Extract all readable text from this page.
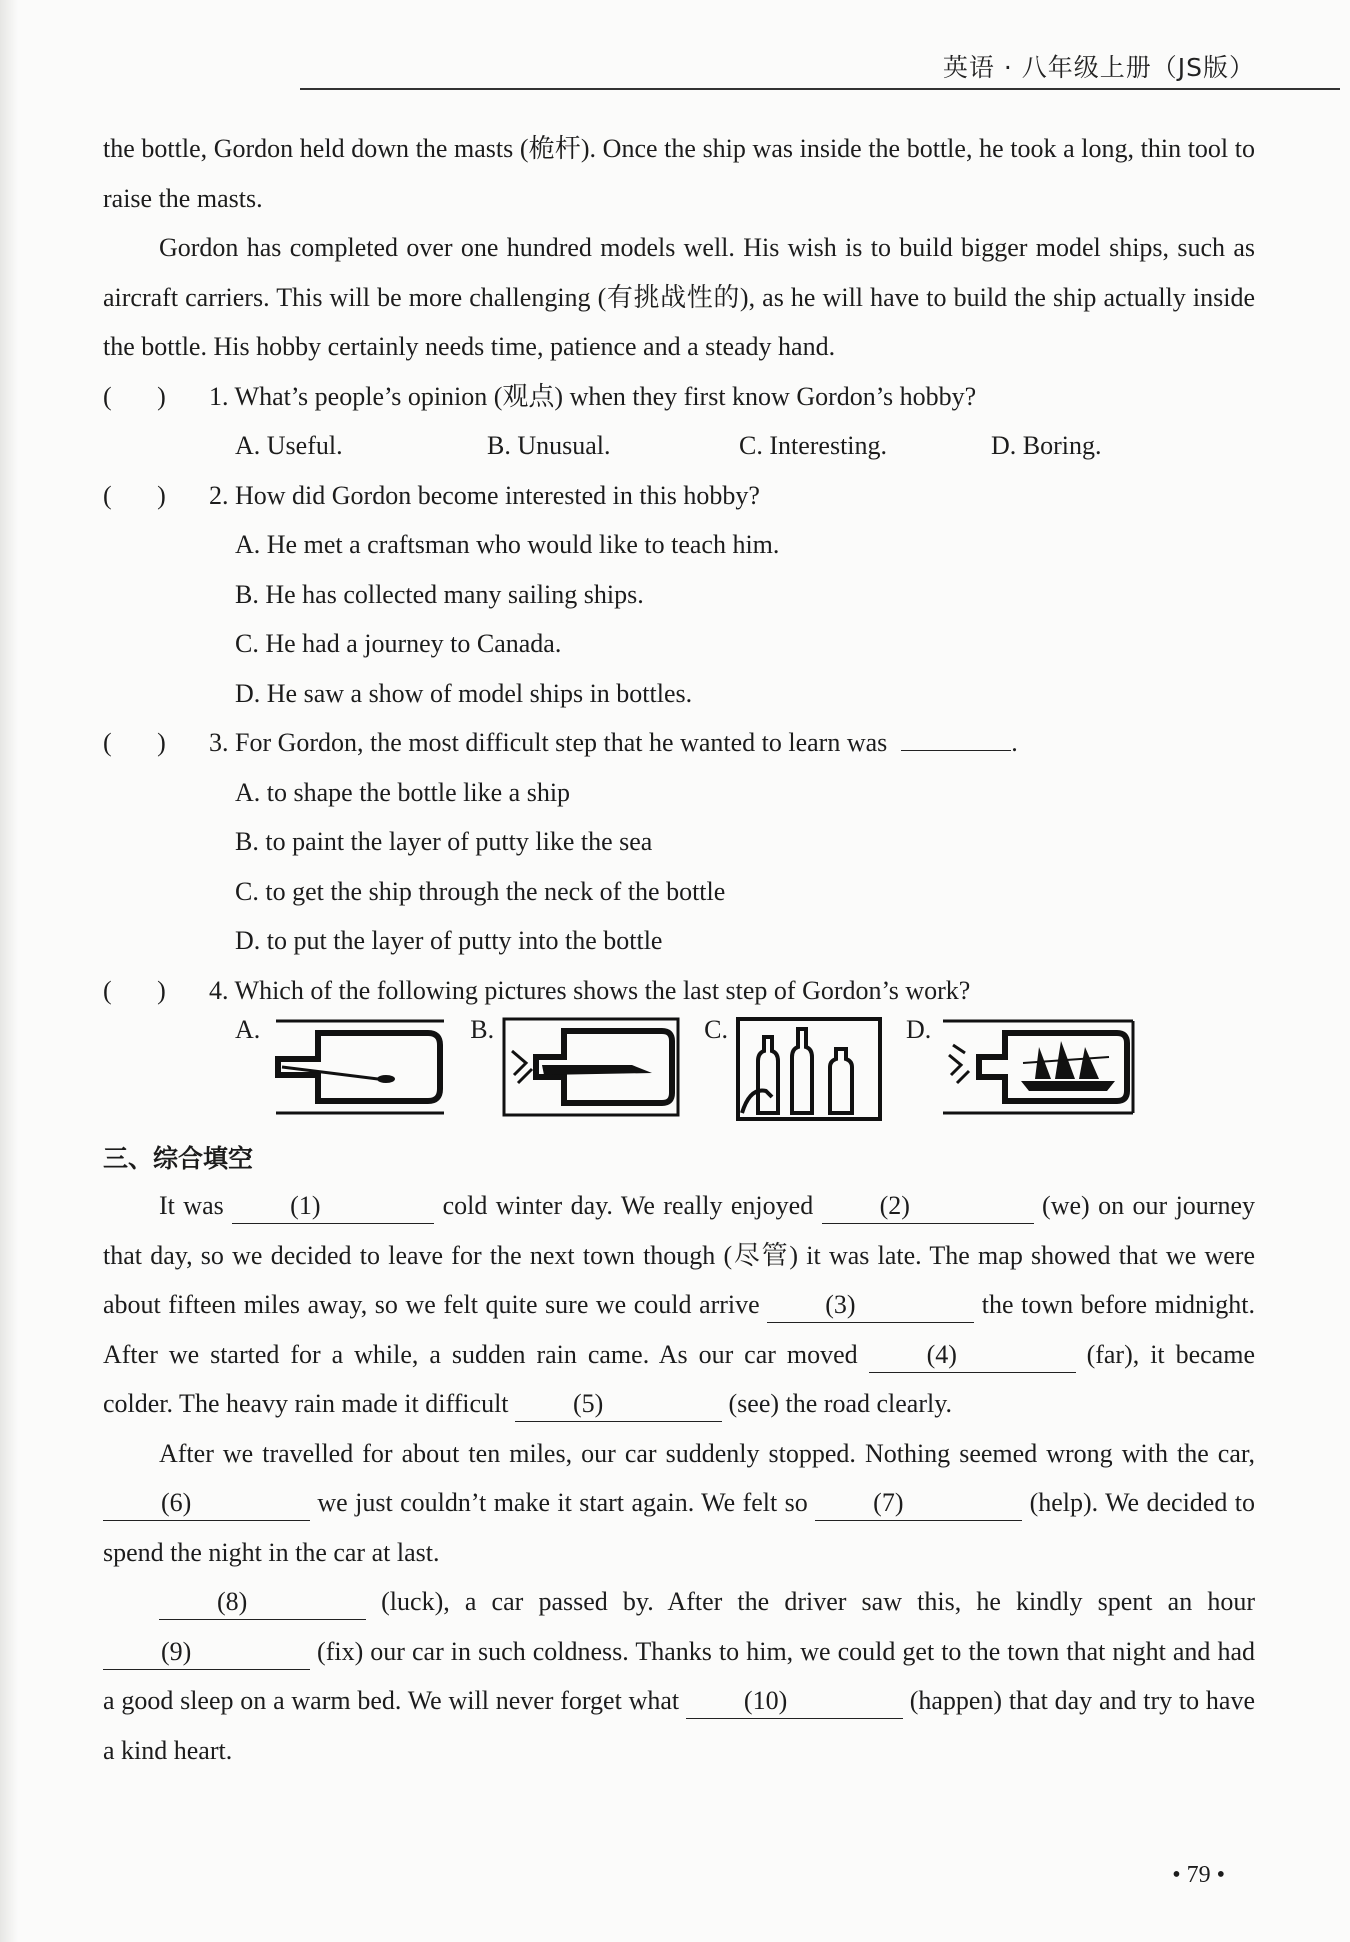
英语 · 八年级上册（JS版）

the bottle, Gordon held down the masts (桅杆). Once the ship was inside the bottle, he took a long, thin tool to raise the masts.

Gordon has completed over one hundred models well. His wish is to build bigger model ships, such as aircraft carriers. This will be more challenging (有挑战性的), as he will have to build the ship actually inside the bottle. His hobby certainly needs time, patience and a steady hand.

(       )	1. What’s people’s opinion (观点) when they first know Gordon’s hobby?
A. Useful.	B. Unusual.	C. Interesting.	D. Boring.
(       )	2. How did Gordon become interested in this hobby?

A. He met a craftsman who would like to teach him.

B. He has collected many sailing ships.

C. He had a journey to Canada.

D. He saw a show of model ships in bottles.

(       )	3. For Gordon, the most difficult step that he wanted to learn was	.

A. to shape the bottle like a ship

B. to paint the layer of putty like the sea

C. to get the ship through the neck of the bottle

D. to put the layer of putty into the bottle

(       )	4. Which of the following pictures shows the last step of Gordon’s work?
A.	B.	C.	D.
三、综合填空

It was (1)	cold winter day. We really enjoyed (2)	(we) on our journey that day, so we decided to leave for the next town though (尽管) it was late. The map showed that we were about fifteen miles away, so we felt quite sure we could arrive (3)	the town before midnight. After we started for a while, a sudden rain came. As our car moved (4)	(far), it became colder. The heavy rain made it difficult (5)	(see) the road clearly.

After we travelled for about ten miles, our car suddenly stopped. Nothing seemed wrong with the car, (6)	we just couldn’t make it start again. We felt so (7)	(help). We decided to spend the night in the car at last.

(8)	(luck), a car passed by. After the driver saw this, he kindly spent an hour (9)	(fix) our car in such coldness. Thanks to him, we could get to the town that night and had a good sleep on a warm bed. We will never forget what (10)	(happen) that day and try to have a kind heart.

• 79 •
